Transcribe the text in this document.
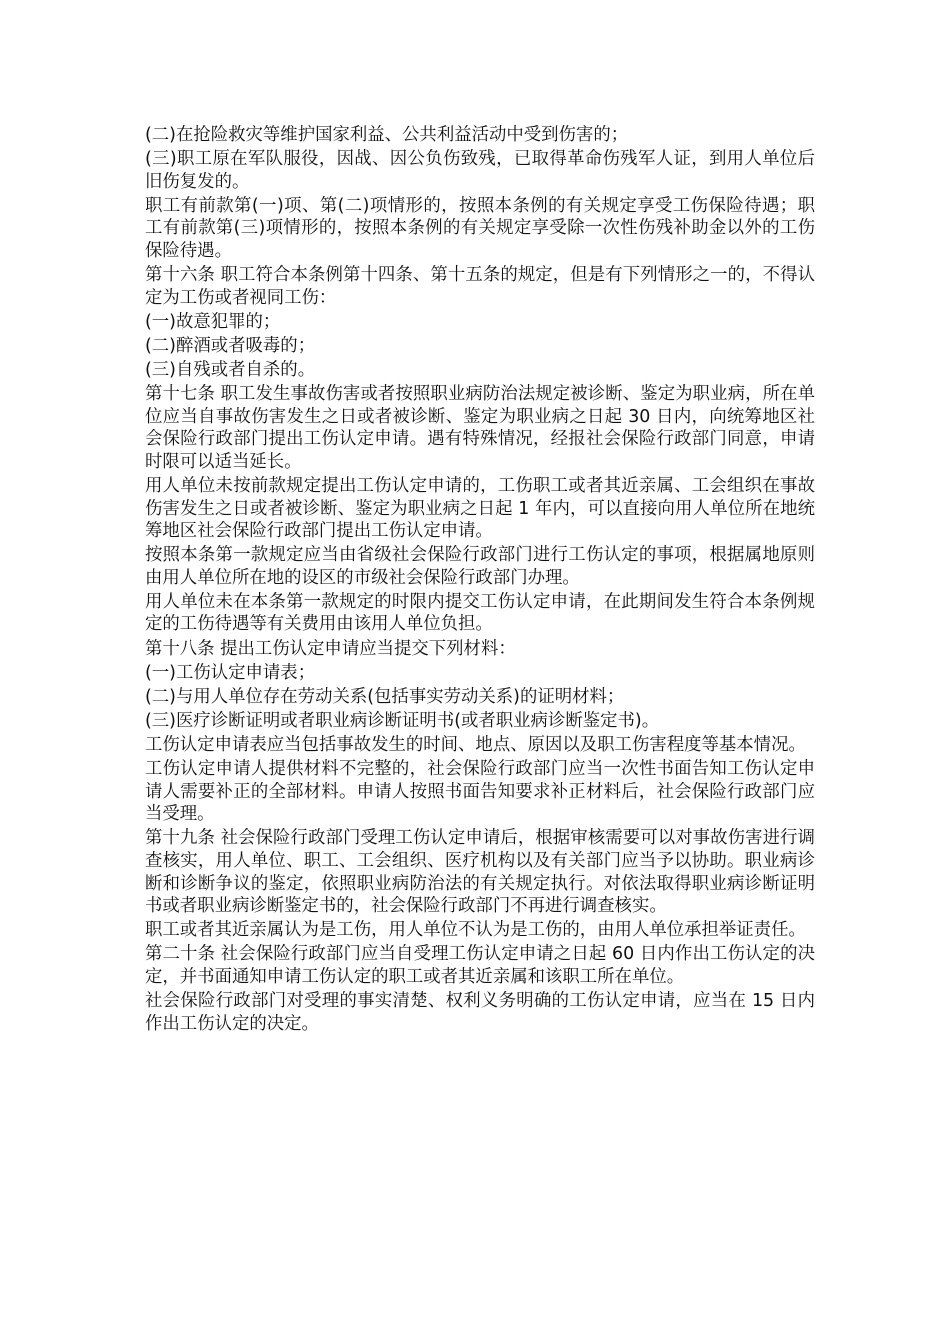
(二)在抢险救灾等维护国家利益、公共利益活动中受到伤害的；

(三)职工原在军队服役，因战、因公负伤致残，已取得革命伤残军人证，到用人单位后旧伤复发的。

职工有前款第(一)项、第(二)项情形的，按照本条例的有关规定享受工伤保险待遇；职工有前款第(三)项情形的，按照本条例的有关规定享受除一次性伤残补助金以外的工伤保险待遇。

第十六条 职工符合本条例第十四条、第十五条的规定，但是有下列情形之一的，不得认定为工伤或者视同工伤：

(一)故意犯罪的；

(二)醉酒或者吸毒的；

(三)自残或者自杀的。

第十七条 职工发生事故伤害或者按照职业病防治法规定被诊断、鉴定为职业病，所在单位应当自事故伤害发生之日或者被诊断、鉴定为职业病之日起 30 日内，向统筹地区社会保险行政部门提出工伤认定申请。遇有特殊情况，经报社会保险行政部门同意，申请时限可以适当延长。

用人单位未按前款规定提出工伤认定申请的，工伤职工或者其近亲属、工会组织在事故伤害发生之日或者被诊断、鉴定为职业病之日起 1 年内，可以直接向用人单位所在地统筹地区社会保险行政部门提出工伤认定申请。

按照本条第一款规定应当由省级社会保险行政部门进行工伤认定的事项，根据属地原则由用人单位所在地的设区的市级社会保险行政部门办理。

用人单位未在本条第一款规定的时限内提交工伤认定申请，在此期间发生符合本条例规定的工伤待遇等有关费用由该用人单位负担。

第十八条 提出工伤认定申请应当提交下列材料：

(一)工伤认定申请表；

(二)与用人单位存在劳动关系(包括事实劳动关系)的证明材料；

(三)医疗诊断证明或者职业病诊断证明书(或者职业病诊断鉴定书)。

工伤认定申请表应当包括事故发生的时间、地点、原因以及职工伤害程度等基本情况。

工伤认定申请人提供材料不完整的，社会保险行政部门应当一次性书面告知工伤认定申请人需要补正的全部材料。申请人按照书面告知要求补正材料后，社会保险行政部门应当受理。

第十九条 社会保险行政部门受理工伤认定申请后，根据审核需要可以对事故伤害进行调查核实，用人单位、职工、工会组织、医疗机构以及有关部门应当予以协助。职业病诊断和诊断争议的鉴定，依照职业病防治法的有关规定执行。对依法取得职业病诊断证明书或者职业病诊断鉴定书的，社会保险行政部门不再进行调查核实。

职工或者其近亲属认为是工伤，用人单位不认为是工伤的，由用人单位承担举证责任。

第二十条 社会保险行政部门应当自受理工伤认定申请之日起 60 日内作出工伤认定的决定，并书面通知申请工伤认定的职工或者其近亲属和该职工所在单位。

社会保险行政部门对受理的事实清楚、权利义务明确的工伤认定申请，应当在 15 日内作出工伤认定的决定。
